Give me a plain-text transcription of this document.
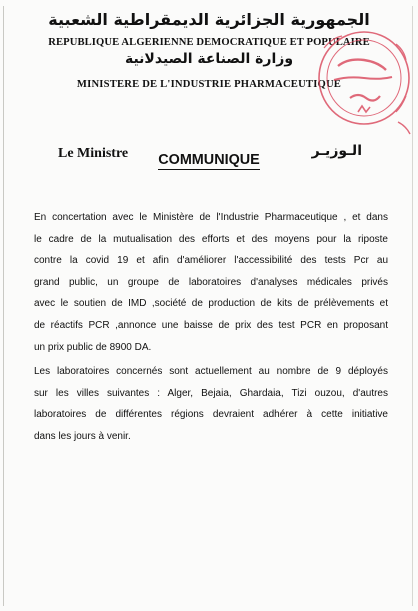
الجمهورية الجزائرية الديمقراطية الشعبية
REPUBLIQUE ALGERIENNE DEMOCRATIQUE ET POPULAIRE
وزارة الصناعة الصيدلانية
MINISTERE DE L'INDUSTRIE PHARMACEUTIQUE
Le Ministre	الـوزيـر
COMMUNIQUE

En concertation avec le Ministère de l'Industrie Pharmaceutique , et dans
le cadre de la mutualisation des efforts et des moyens pour la riposte
contre la covid 19 et afin d'améliorer l'accessibilité des tests Pcr au
grand public, un groupe de laboratoires d'analyses médicales privés
avec le soutien de IMD ,société de production de kits de prélèvements et
de réactifs PCR ,annonce une baisse de prix des test PCR en proposant
un prix public de 8900 DA.

Les laboratoires concernés sont actuellement au nombre de 9 déployés
sur les villes suivantes : Alger, Bejaia, Ghardaia, Tizi ouzou, d'autres
laboratoires de différentes régions devraient adhérer à cette initiative
dans les jours à venir.
